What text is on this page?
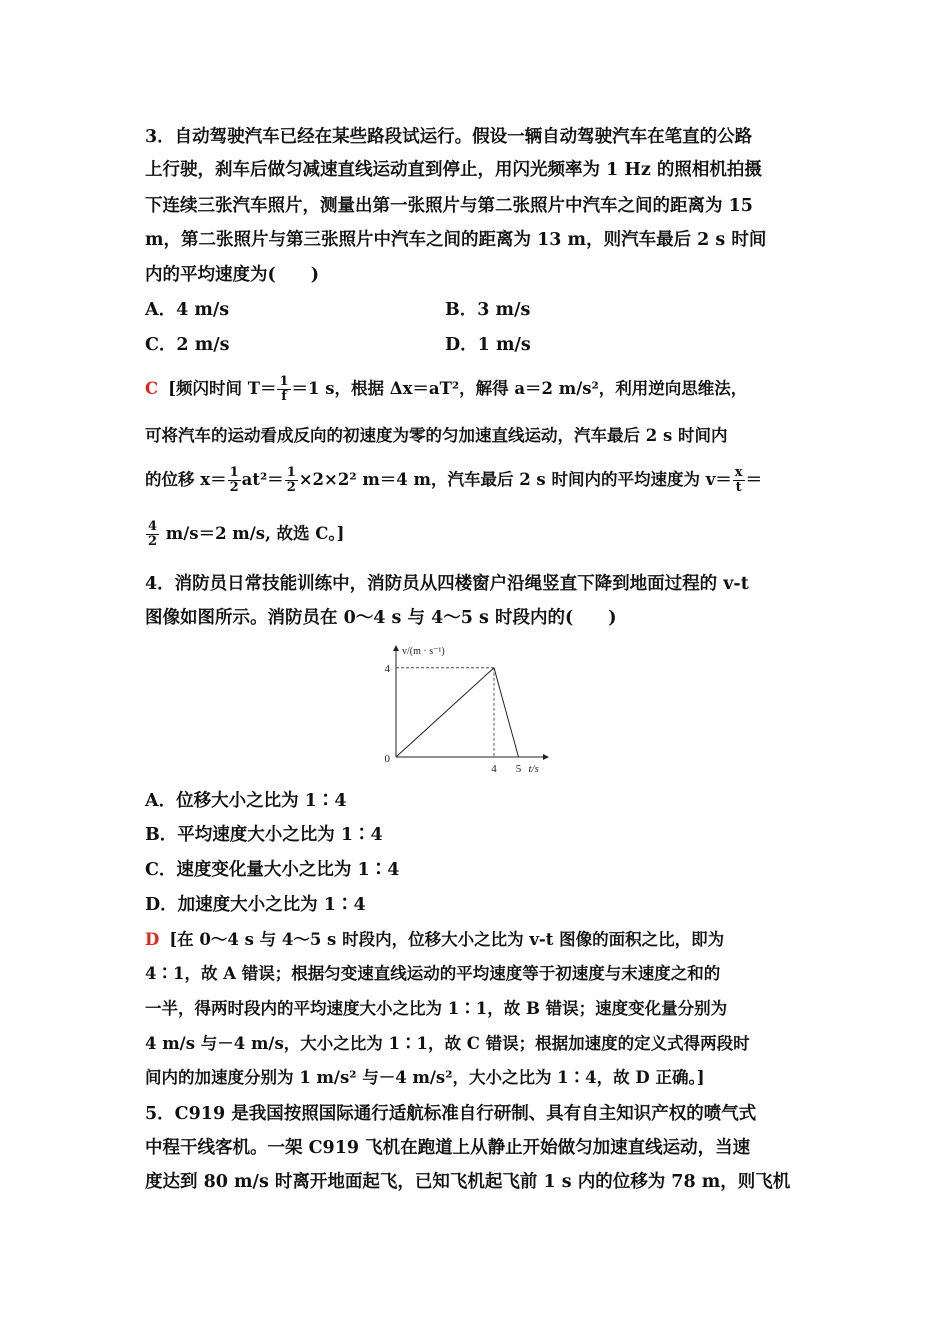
3．自动驾驶汽车已经在某些路段试运行。假设一辆自动驾驶汽车在笔直的公路
上行驶，刹车后做匀减速直线运动直到停止，用闪光频率为 1 Hz 的照相机拍摄
下连续三张汽车照片，测量出第一张照片与第二张照片中汽车之间的距离为 15
m，第二张照片与第三张照片中汽车之间的距离为 13 m，则汽车最后 2 s 时间
内的平均速度为(　　)
A．4 m/s	B．3 m/s
C．2 m/s	D．1 m/s
C [频闪时间 $T= \frac{1}{f} =1$ s，根据 Δx＝aT²，解得 a＝2 m/s²，利用逆向思维法，
可将汽车的运动看成反向的初速度为零的匀加速直线运动，汽车最后 2 s 时间内
的位移 $x= \frac{1}{2} at^2= \frac{1}{2} \times 2\times 2^2$ m＝4 m，汽车最后 2 s 时间内的平均速度为 $v= \frac{x}{t}$ ＝
$\frac{4}{2} m/s=2$ m/s, 故选 C。]
4．消防员日常技能训练中，消防员从四楼窗户沿绳竖直下降到地面过程的 v-t
图像如图所示。消防员在 0～4 s 与 4～5 s 时段内的(　　)
4
4 5
0
t/s
v/(m · s⁻¹)
A．位移大小之比为 1∶4
B．平均速度大小之比为 1∶4
C．速度变化量大小之比为 1∶4
D．加速度大小之比为 1∶4
D [在 0～4 s 与 4～5 s 时段内，位移大小之比为 v-t 图像的面积之比，即为
4∶1，故 A 错误；根据匀变速直线运动的平均速度等于初速度与末速度之和的
一半，得两时段内的平均速度大小之比为 1∶1，故 B 错误；速度变化量分别为
4 m/s 与－4 m/s，大小之比为 1∶1，故 C 错误；根据加速度的定义式得两段时
间内的加速度分别为 1 m/s² 与－4 m/s²，大小之比为 1∶4，故 D 正确。]
5．C919 是我国按照国际通行适航标准自行研制、具有自主知识产权的喷气式
中程干线客机。一架 C919 飞机在跑道上从静止开始做匀加速直线运动，当速
度达到 80 m/s 时离开地面起飞，已知飞机起飞前 1 s 内的位移为 78 m，则飞机
